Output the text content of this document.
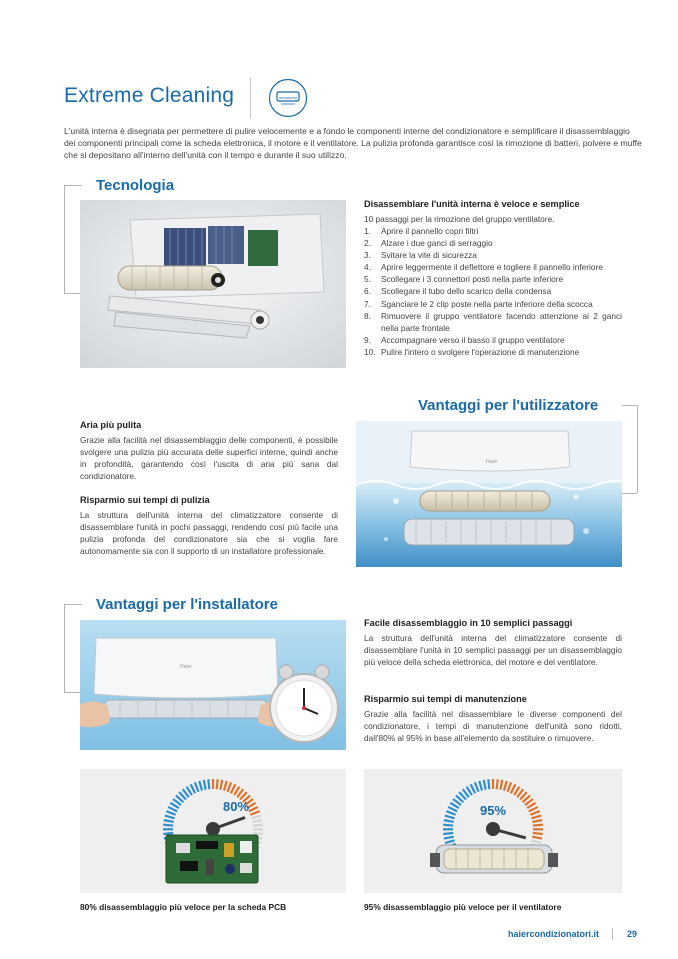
Extreme Cleaning

L'unità interna è disegnata per permettere di pulire velocemente e a fondo le componenti interne del condizionatore e semplificare il disassemblaggio dei componenti principali come la scheda elettronica, il motore e il ventilatore. La pulizia profonda garantisce così la rimozione di batteri, polvere e muffe che si depositano all'interno dell'unità con il tempo e durante il suo utilizzo.

Tecnologia
Disassemblare l'unità interna è veloce e semplice

10 passaggi per la rimozione del gruppo ventilatore.

1.	Aprire il pannello copri filtri
2.	Alzare i due ganci di serraggio
3.	Svitare la vite di sicurezza
4.	Aprire leggermente il deflettore e togliere il pannello inferiore
5.	Scollegare i 3 connettori posti nella parte inferiore
6.	Scollegare il tubo dello scarico della condensa
7.	Sganciare le 2 clip poste nella parte inferiore della scocca
8.	Rimuovere il gruppo ventilatore facendo attenzione ai 2 ganci nella parte frontale
9.	Accompagnare verso il basso il gruppo ventilatore
10. Pulire l'intero o svolgere l'operazione di manutenzione
Vantaggi per l'utilizzatore
Aria più pulita

Grazie alla facilità nel disassemblaggio delle componenti, è possibile svolgere una pulizia più accurata delle superfici interne, quindi anche in profondità, garantendo così l'uscita di aria più sana dal condizionatore.

Risparmio sui tempi di pulizia

La struttura dell'unità interna del climatizzatore consente di disassemblare l'unità in pochi passaggi, rendendo così più facile una pulizia profonda del condizionatore sia che si voglia fare autonomamente sia con il supporto di un installatore professionale.

Haier
Vantaggi per l'installatore
Haier
Facile disassemblaggio in 10 semplici passaggi

La struttura dell'unità interna del climatizzatore consente di disassemblare l'unità in 10 semplici passaggi per un disassemblaggio più veloce della scheda elettronica, del motore e del ventilatore.

Risparmio sui tempi di manutenzione

Grazie alla facilità nel disassemblare le diverse componenti del condizionatore, i tempi di manutenzione dell'unità sono ridotti, dall'80% al 95% in base all'elemento da sostituire o rimuovere.

80%
80% disassemblaggio più veloce per la scheda PCB
95%
95% disassemblaggio più veloce per il ventilatore
haiercondizionatori.it	29
